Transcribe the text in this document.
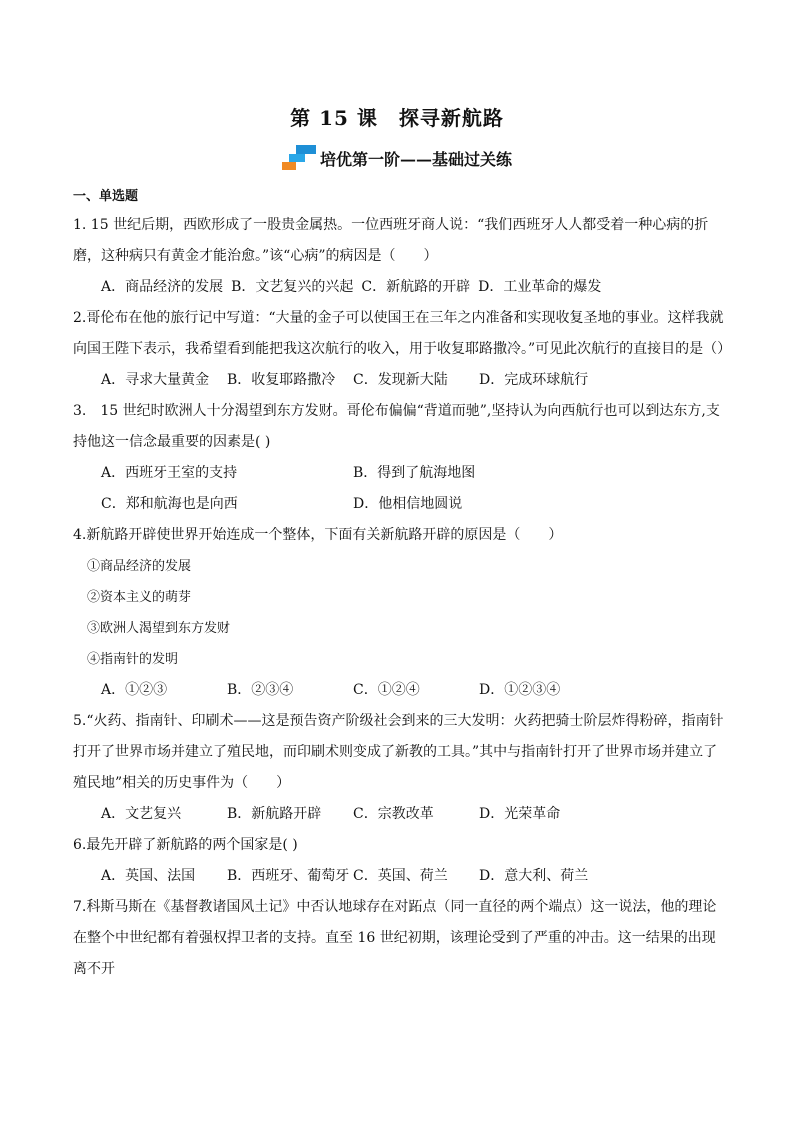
第 15 课　探寻新航路
培优第一阶——基础过关练
一、单选题

1. 15 世纪后期，西欧形成了一股贵金属热。一位西班牙商人说：“我们西班牙人人都受着一种心病的折磨，这种病只有黄金才能治愈。”该“心病”的病因是（　　）

A．商品经济的发展 B．文艺复兴的兴起 C．新航路的开辟 D．工业革命的爆发

2.哥伦布在他的旅行记中写道：“大量的金子可以使国王在三年之内准备和实现收复圣地的事业。这样我就向国王陛下表示，我希望看到能把我这次航行的收入，用于收复耶路撒冷。”可见此次航行的直接目的是（）

A．寻求大量黄金	B．收复耶路撒冷	C．发现新大陆	D．完成环球航行

3.　15 世纪时欧洲人十分渴望到东方发财。哥伦布偏偏“背道而驰”,坚持认为向西航行也可以到达东方,支持他这一信念最重要的因素是( )

A．西班牙王室的支持	B．得到了航海地图
C．郑和航海也是向西	D．他相信地圆说

4.新航路开辟使世界开始连成一个整体，下面有关新航路开辟的原因是（　　）

①商品经济的发展
②资本主义的萌芽
③欧洲人渴望到东方发财
④指南针的发明
A．①②③	B．②③④	C．①②④	D．①②③④

5.“火药、指南针、印刷术——这是预告资产阶级社会到来的三大发明：火药把骑士阶层炸得粉碎，指南针打开了世界市场并建立了殖民地，而印刷术则变成了新教的工具。”其中与指南针打开了世界市场并建立了殖民地”相关的历史事件为（　　）

A．文艺复兴	B．新航路开辟	C．宗教改革	D．光荣革命

6.最先开辟了新航路的两个国家是( )

A．英国、法国	B．西班牙、葡萄牙 C．英国、荷兰	D．意大利、荷兰

7.科斯马斯在《基督教诸国风土记》中否认地球存在对跖点（同一直径的两个端点）这一说法，他的理论在整个中世纪都有着强权捍卫者的支持。直至 16 世纪初期，该理论受到了严重的冲击。这一结果的出现离不开
